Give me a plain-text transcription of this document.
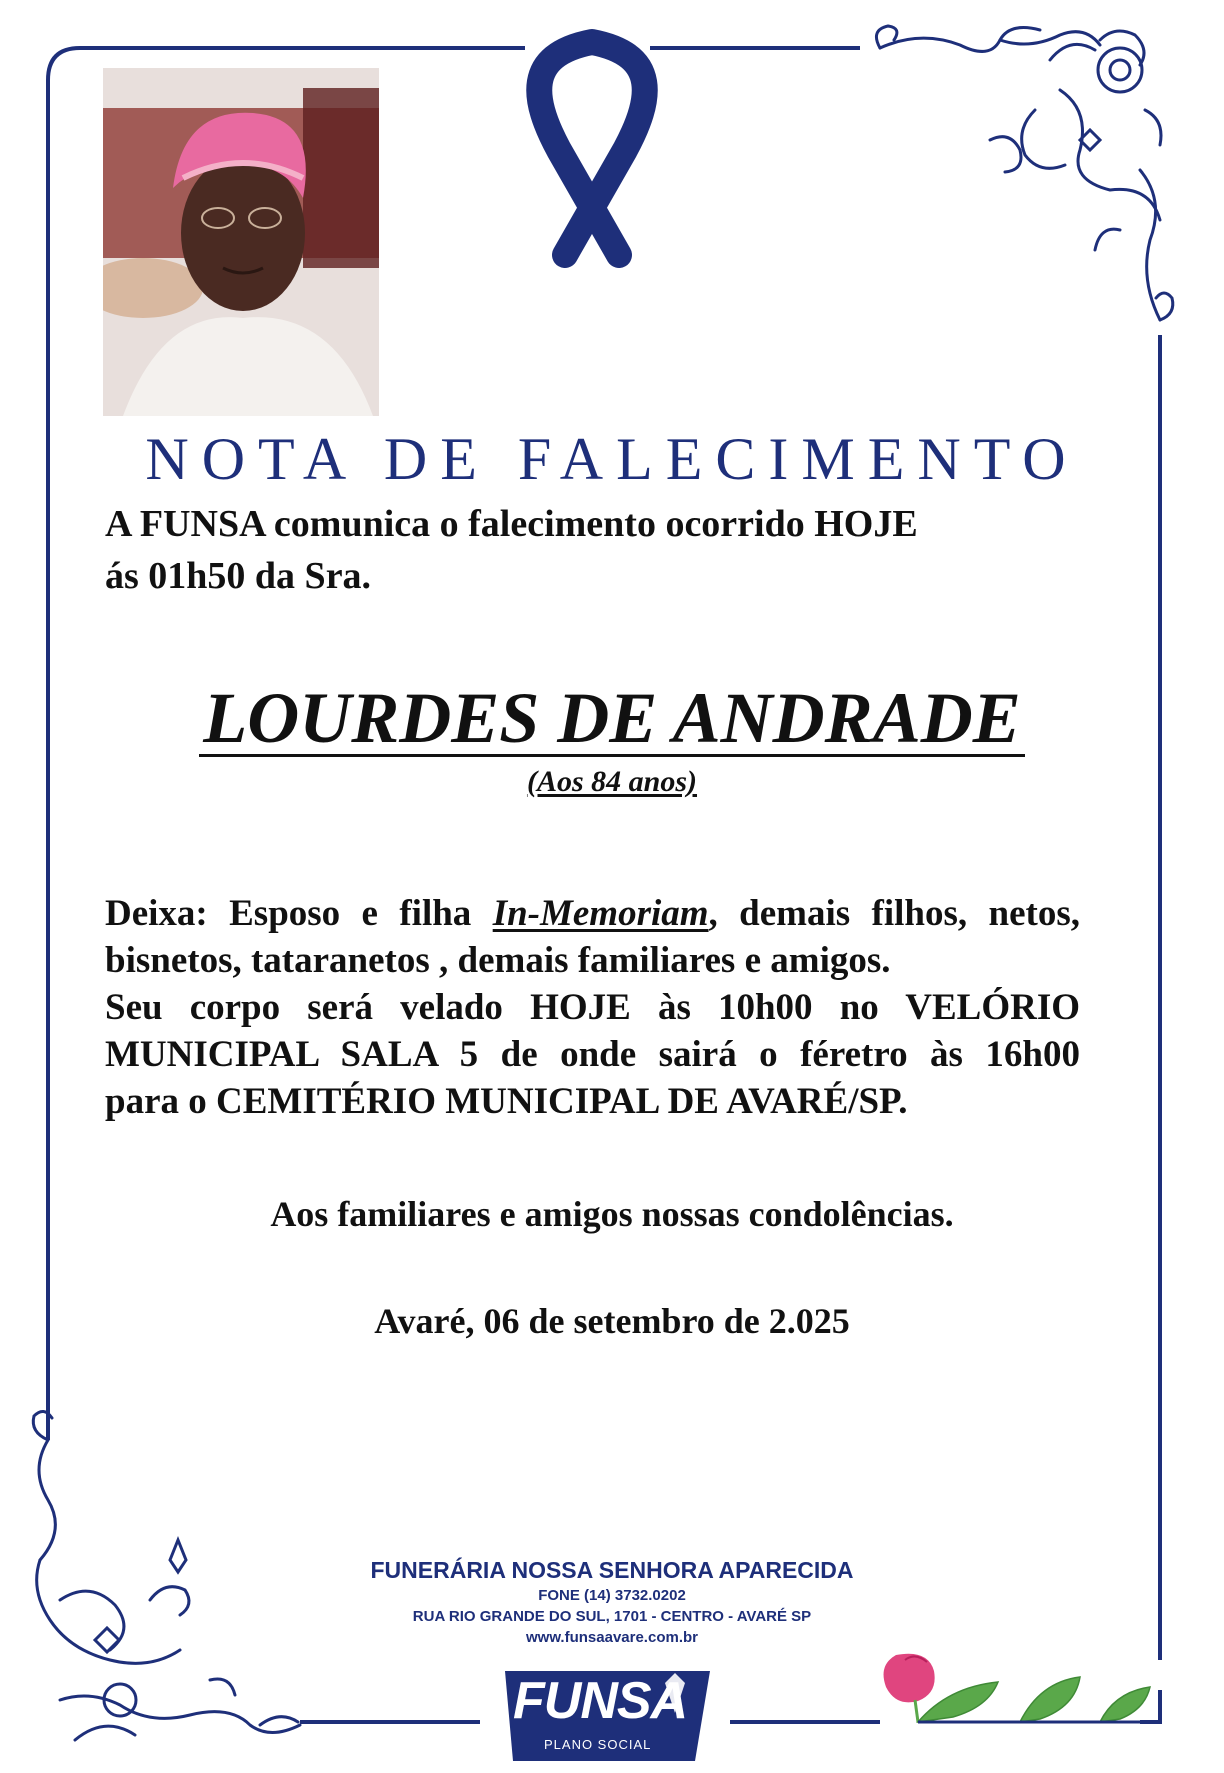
NOTA DE FALECIMENTO
A FUNSA comunica o falecimento ocorrido HOJE
ás 01h50 da Sra.
LOURDES DE ANDRADE
(Aos 84 anos)

Deixa: Esposo e filha In-Memoriam, demais filhos, netos,

bisnetos, tataranetos , demais familiares e amigos.

Seu corpo será velado HOJE às 10h00 no VELÓRIO

MUNICIPAL SALA 5 de onde sairá o féretro às 16h00

para o CEMITÉRIO MUNICIPAL DE AVARÉ/SP.

Aos familiares e amigos nossas condolências.
Avaré, 06 de setembro de 2.025
FUNERÁRIA NOSSA SENHORA APARECIDA
FONE (14) 3732.0202
RUA RIO GRANDE DO SUL, 1701 - CENTRO - AVARÉ SP
www.funsaavare.com.br
FUNSA
PLANO SOCIAL
